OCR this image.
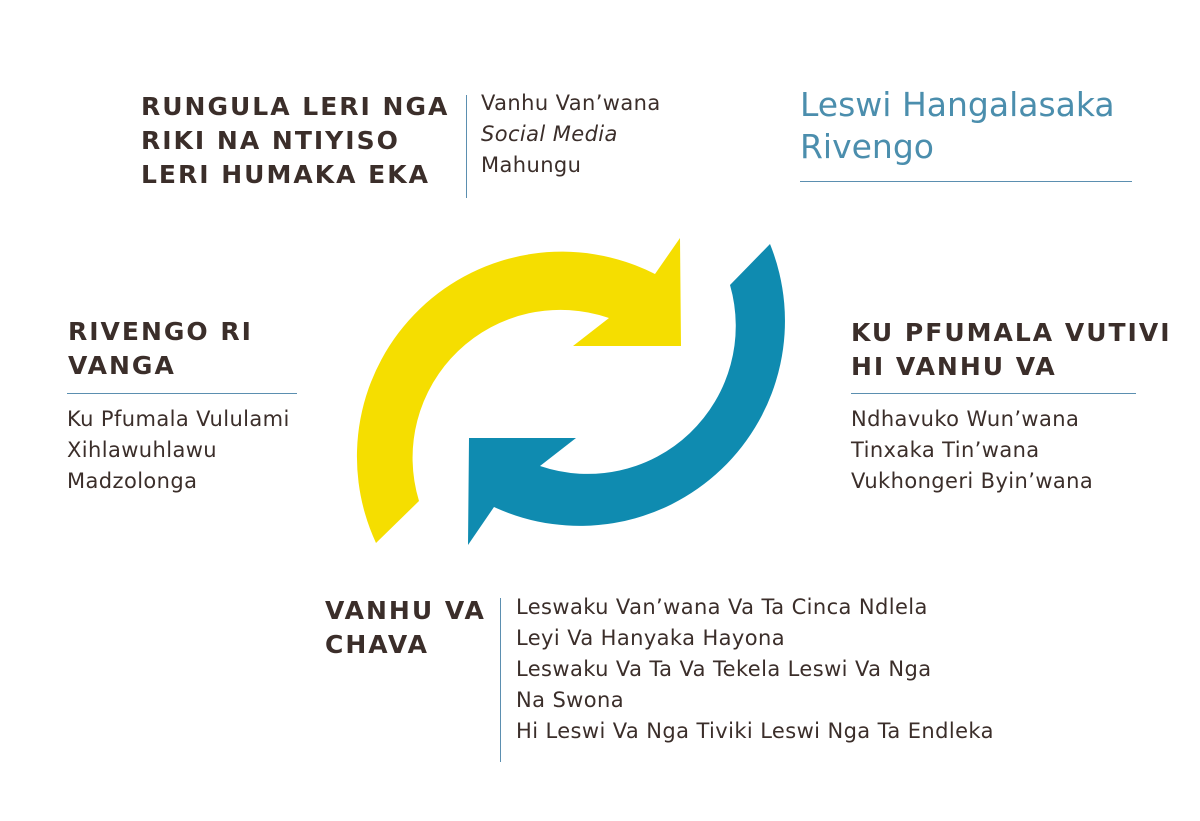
Leswi Hangalasaka
Rivengo
RUNGULA LERI NGA
RIKI NA NTIYISO
LERI HUMAKA EKA
Vanhu Van’wana
Social Media
Mahungu
RIVENGO RI
VANGA
Ku Pfumala Vululami
Xihlawuhlawu
Madzolonga
KU PFUMALA VUTIVI
HI VANHU VA
Ndhavuko Wun’wana
Tinxaka Tin’wana
Vukhongeri Byin’wana
VANHU VA
CHAVA
Leswaku Van’wana Va Ta Cinca Ndlela
Leyi Va Hanyaka Hayona
Leswaku Va Ta Va Tekela Leswi Va Nga
Na Swona
Hi Leswi Va Nga Tiviki Leswi Nga Ta Endleka
